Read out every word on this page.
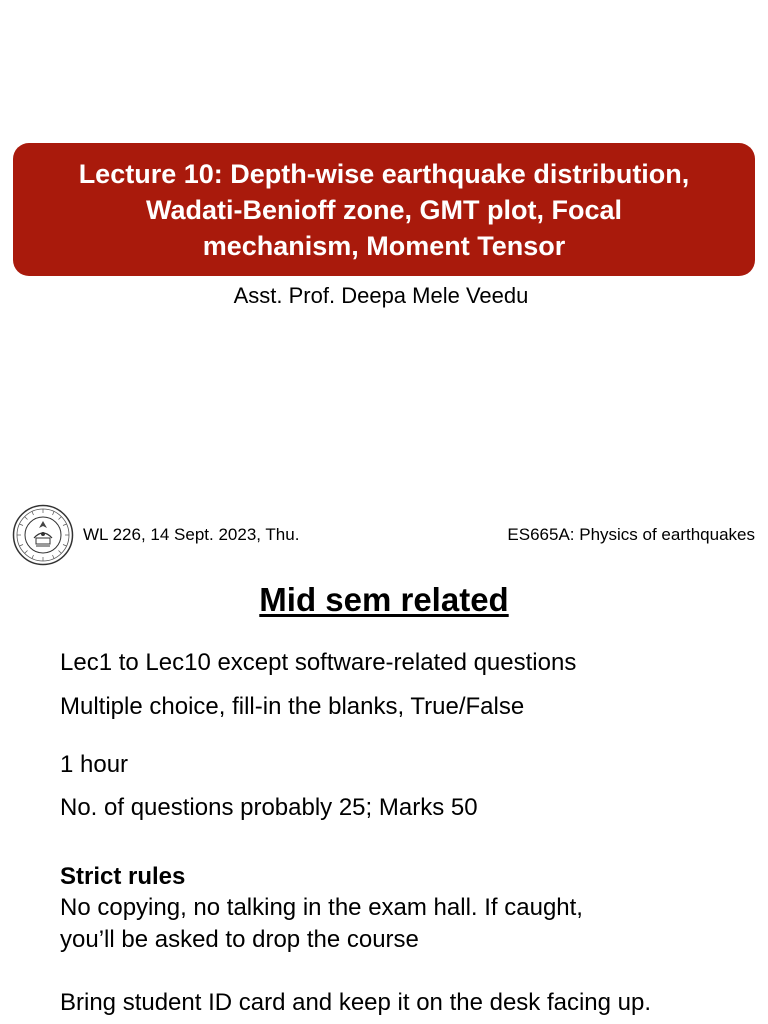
Lecture 10: Depth-wise earthquake distribution,
Wadati-Benioff zone, GMT plot, Focal
mechanism, Moment Tensor
Asst. Prof. Deepa Mele Veedu
WL 226, 14 Sept. 2023, Thu.	ES665A: Physics of earthquakes
Mid sem related
Lec1 to Lec10 except software-related questions
Multiple choice, fill-in the blanks, True/False
1 hour
No. of questions probably 25; Marks 50
Strict rules
No copying, no talking in the exam hall. If caught,
you’ll be asked to drop the course
Bring student ID card and keep it on the desk facing up.
